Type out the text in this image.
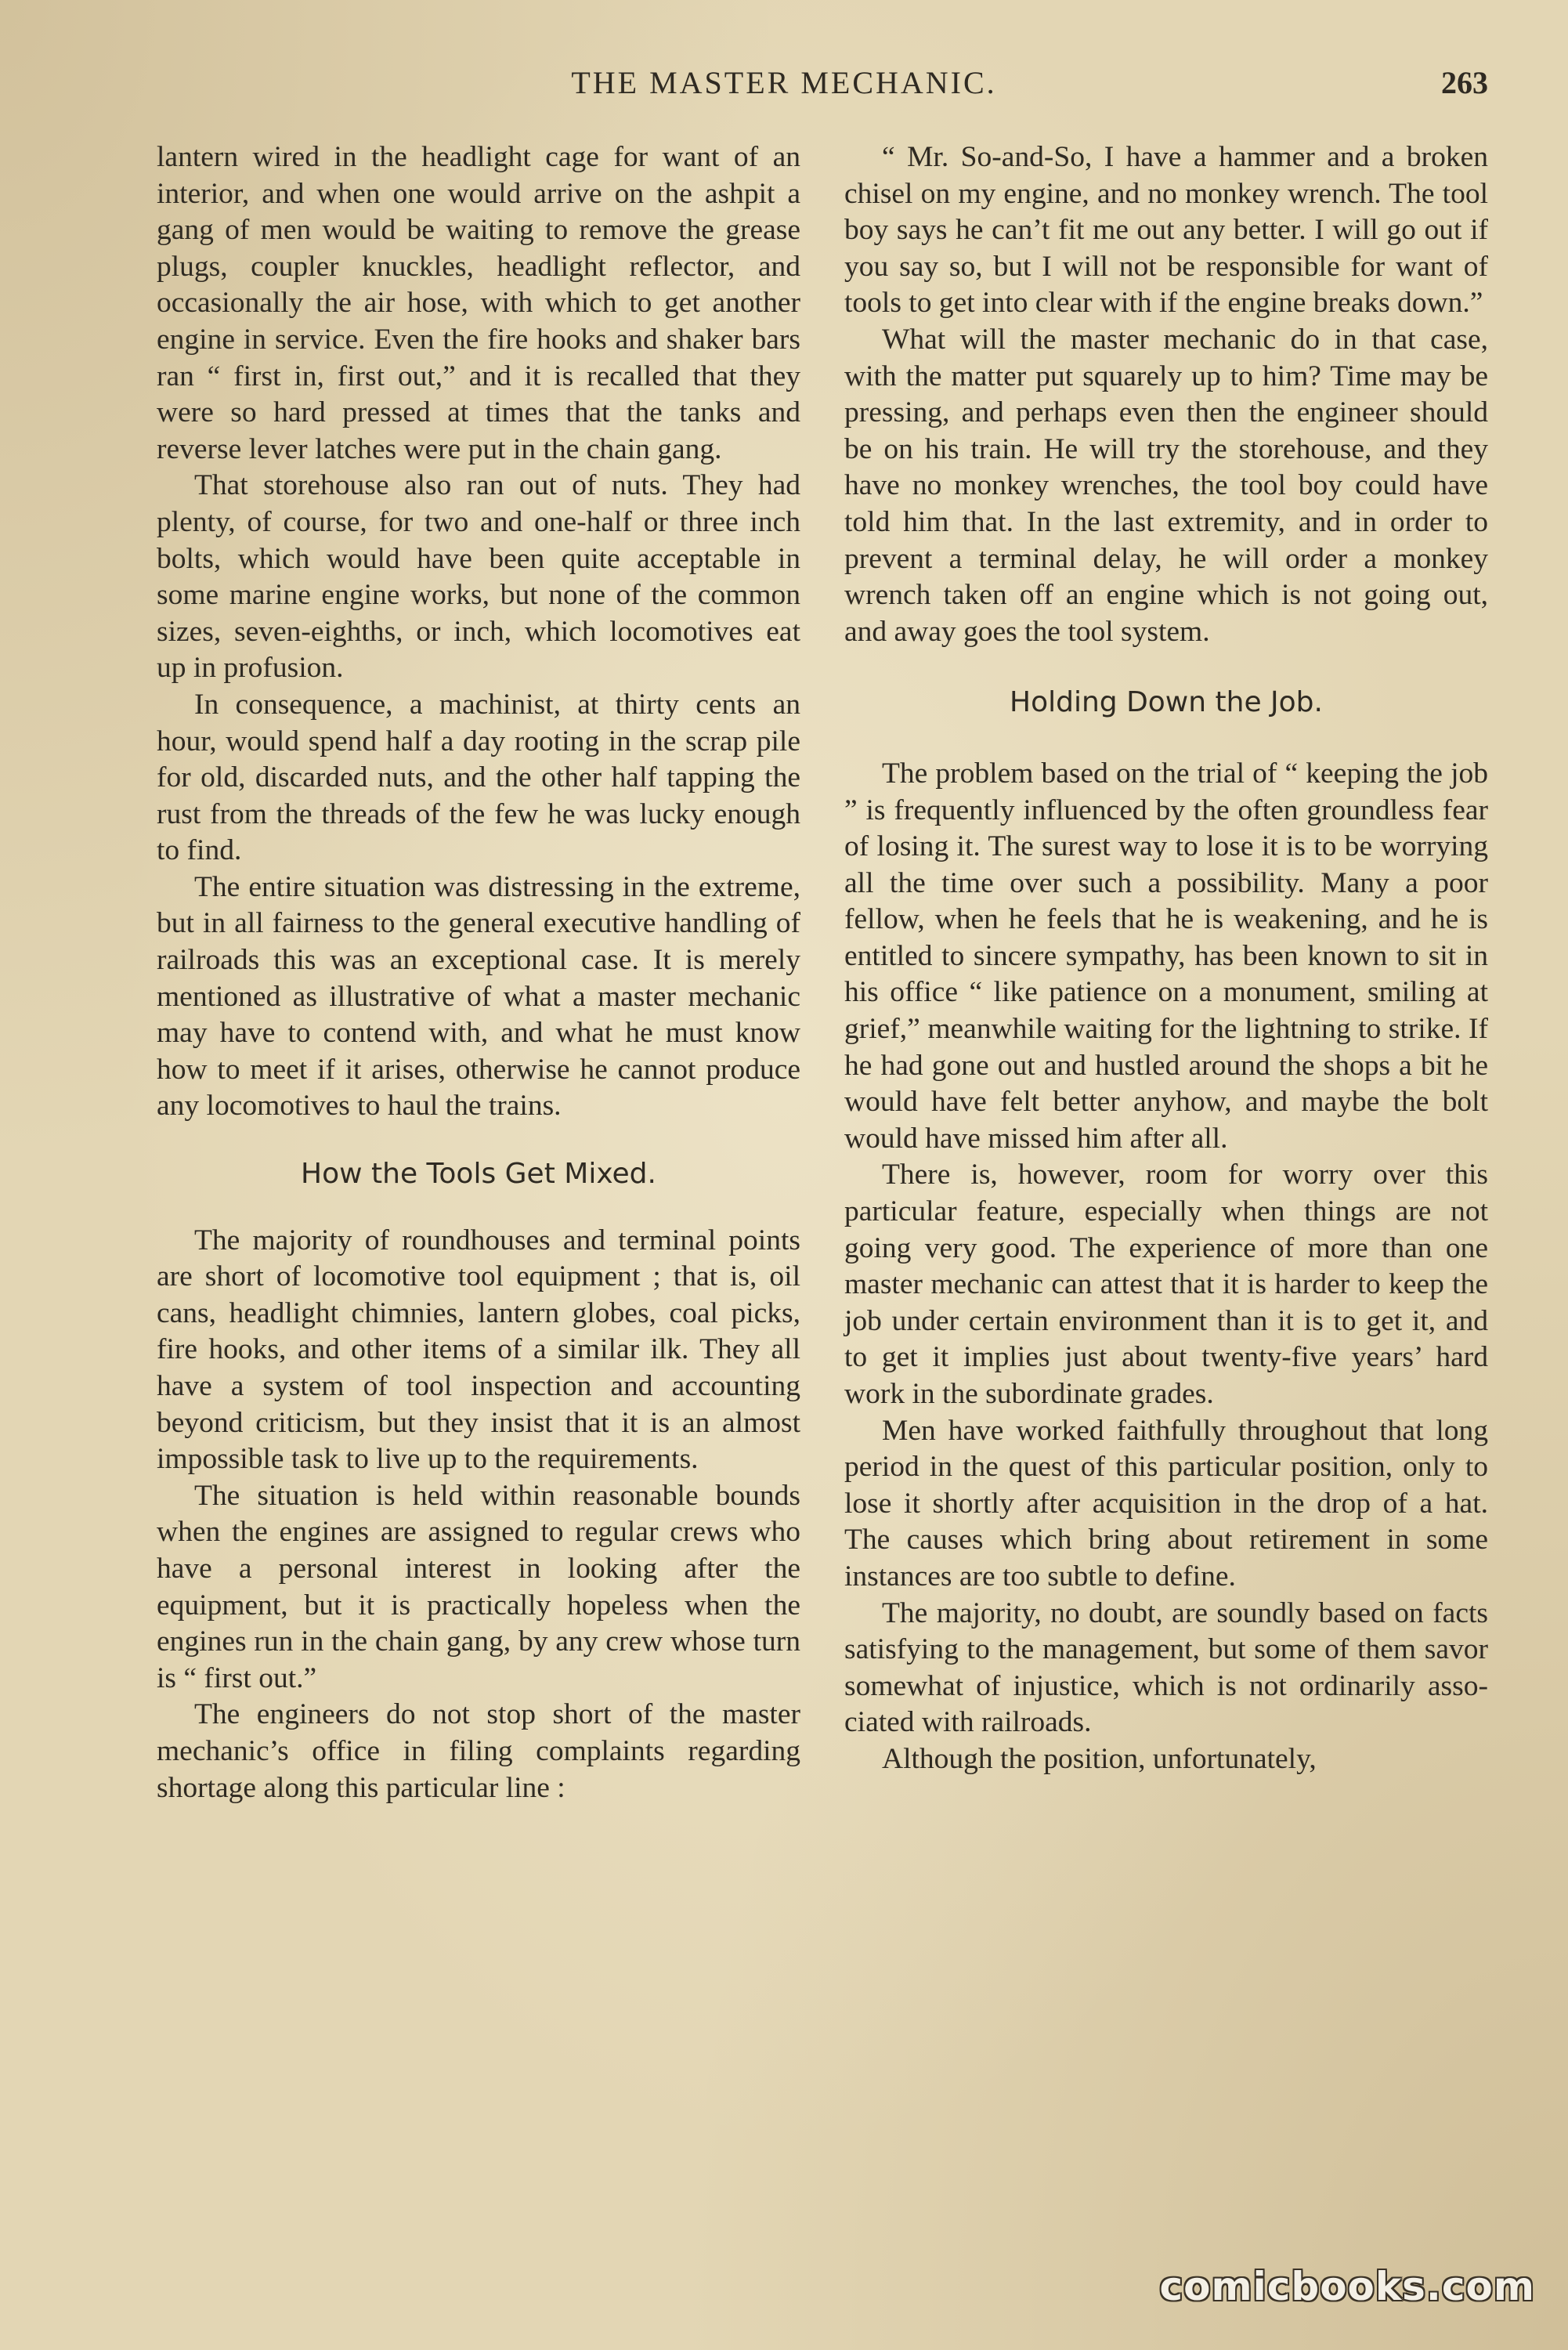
THE MASTER MECHANIC.	263

lantern wired in the headlight cage for want of an interior, and when one would arrive on the ashpit a gang of men would be waiting to remove the grease plugs, coupler knuckles, headlight reflector, and occasionally the air hose, with which to get another engine in service. Even the fire hooks and shaker bars ran “ first in, first out,” and it is recalled that they were so hard pressed at times that the tanks and reverse lever latches were put in the chain gang.

That storehouse also ran out of nuts. They had plenty, of course, for two and one-half or three inch bolts, which would have been quite acceptable in some marine engine works, but none of the common sizes, seven-eighths, or inch, which locomotives eat up in profusion.

In consequence, a machinist, at thirty cents an hour, would spend half a day rooting in the scrap pile for old, discarded nuts, and the other half tapping the rust from the threads of the few he was lucky enough to find.

The entire situation was distressing in the extreme, but in all fairness to the general executive handling of railroads this was an exceptional case. It is merely mentioned as illustrative of what a master mechanic may have to contend with, and what he must know how to meet if it arises, otherwise he cannot produce any locomotives to haul the trains.

How the Tools Get Mixed.

The majority of roundhouses and terminal points are short of locomotive tool equipment ; that is, oil cans, headlight chimnies, lantern globes, coal picks, fire hooks, and other items of a similar ilk. They all have a system of tool inspection and accounting beyond criticism, but they insist that it is an almost impossible task to live up to the requirements.

The situation is held within reasonable bounds when the engines are assigned to regular crews who have a personal interest in looking after the equipment, but it is practically hopeless when the engines run in the chain gang, by any crew whose turn is “ first out.”

The engineers do not stop short of the master mechanic’s office in filing complaints regarding shortage along this particular line :

“ Mr. So-and-So, I have a hammer and a broken chisel on my engine, and no monkey wrench. The tool boy says he can’t fit me out any better. I will go out if you say so, but I will not be responsible for want of tools to get into clear with if the engine breaks down.”

What will the master mechanic do in that case, with the matter put squarely up to him? Time may be pressing, and perhaps even then the engineer should be on his train. He will try the storehouse, and they have no monkey wrenches, the tool boy could have told him that. In the last extremity, and in order to prevent a terminal delay, he will order a monkey wrench taken off an engine which is not going out, and away goes the tool system.

Holding Down the Job.

The problem based on the trial of “ keeping the job ” is frequently influenced by the often groundless fear of losing it. The surest way to lose it is to be worrying all the time over such a possibility. Many a poor fellow, when he feels that he is weakening, and he is entitled to sincere sympathy, has been known to sit in his office “ like patience on a monument, smiling at grief,” meanwhile waiting for the lightning to strike. If he had gone out and hustled around the shops a bit he would have felt better anyhow, and maybe the bolt would have missed him after all.

There is, however, room for worry over this particular feature, especially when things are not going very good. The experience of more than one master mechanic can attest that it is harder to keep the job under certain environment than it is to get it, and to get it implies just about twenty-five years’ hard work in the subordinate grades.

Men have worked faithfully throughout that long period in the quest of this particular position, only to lose it shortly after acquisition in the drop of a hat. The causes which bring about retirement in some instances are too subtle to define.

The majority, no doubt, are soundly based on facts satisfying to the management, but some of them savor somewhat of injustice, which is not ordinarily associated with railroads.

Although the position, unfortunately,

comicbooks.com
